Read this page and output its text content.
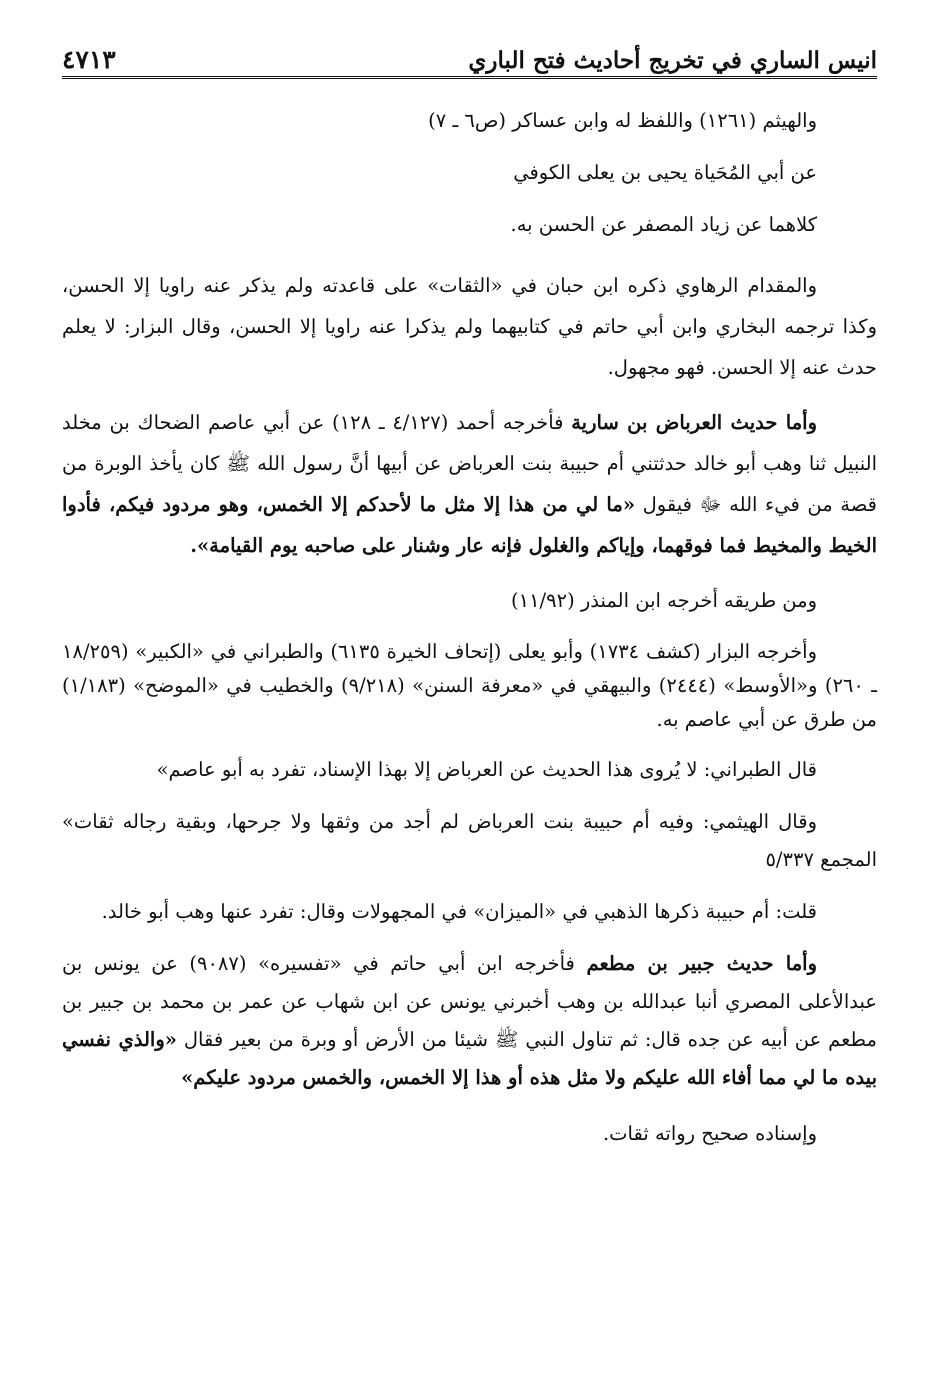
انيس الساري في تخريج أحاديث فتح الباري
٤٧١٣
والهيثم (١٢٦١) واللفظ له وابن عساكر (ص٦ ـ ٧)
عن أبي المُحَياة يحيى بن يعلى الكوفي
كلاهما عن زياد المصفر عن الحسن به.
والمقدام الرهاوي ذكره ابن حبان في «الثقات» على قاعدته ولم يذكر عنه راويا إلا الحسن، وكذا ترجمه البخاري وابن أبي حاتم في كتابيهما ولم يذكرا عنه راويا إلا الحسن، وقال البزار: لا يعلم حدث عنه إلا الحسن. فهو مجهول.
وأما حديث العرباض بن سارية فأخرجه أحمد (٤/١٢٧ ـ ١٢٨) عن أبي عاصم الضحاك بن مخلد النبيل ثنا وهب أبو خالد حدثتني أم حبيبة بنت العرباض عن أبيها أنَّ رسول الله ﷺ كان يأخذ الوبرة من قصة من فيء الله ﷻ فيقول «ما لي من هذا إلا مثل ما لأحدكم إلا الخمس، وهو مردود فيكم، فأدوا الخيط والمخيط فما فوقهما، وإياكم والغلول فإنه عار وشنار على صاحبه يوم القيامة».
ومن طريقه أخرجه ابن المنذر (١١/٩٢)
وأخرجه البزار (كشف ١٧٣٤) وأبو يعلى (إتحاف الخيرة ٦١٣٥) والطبراني في «الكبير» (١٨/٢٥٩ ـ ٢٦٠) و«الأوسط» (٢٤٤٤) والبيهقي في «معرفة السنن» (٩/٢١٨) والخطيب في «الموضح» (١/١٨٣) من طرق عن أبي عاصم به.
قال الطبراني: لا يُروى هذا الحديث عن العرباض إلا بهذا الإسناد، تفرد به أبو عاصم»
وقال الهيثمي: وفيه أم حبيبة بنت العرباض لم أجد من وثقها ولا جرحها، وبقية رجاله ثقات» المجمع ٥/٣٣٧
قلت: أم حبيبة ذكرها الذهبي في «الميزان» في المجهولات وقال: تفرد عنها وهب أبو خالد.
وأما حديث جبير بن مطعم فأخرجه ابن أبي حاتم في «تفسيره» (٩٠٨٧) عن يونس بن عبدالأعلى المصري أنبا عبدالله بن وهب أخبرني يونس عن ابن شهاب عن عمر بن محمد بن جبير بن مطعم عن أبيه عن جده قال: ثم تناول النبي ﷺ شيئا من الأرض أو وبرة من بعير فقال «والذي نفسي بيده ما لي مما أفاء الله عليكم ولا مثل هذه أو هذا إلا الخمس، والخمس مردود عليكم»
وإسناده صحيح رواته ثقات.
